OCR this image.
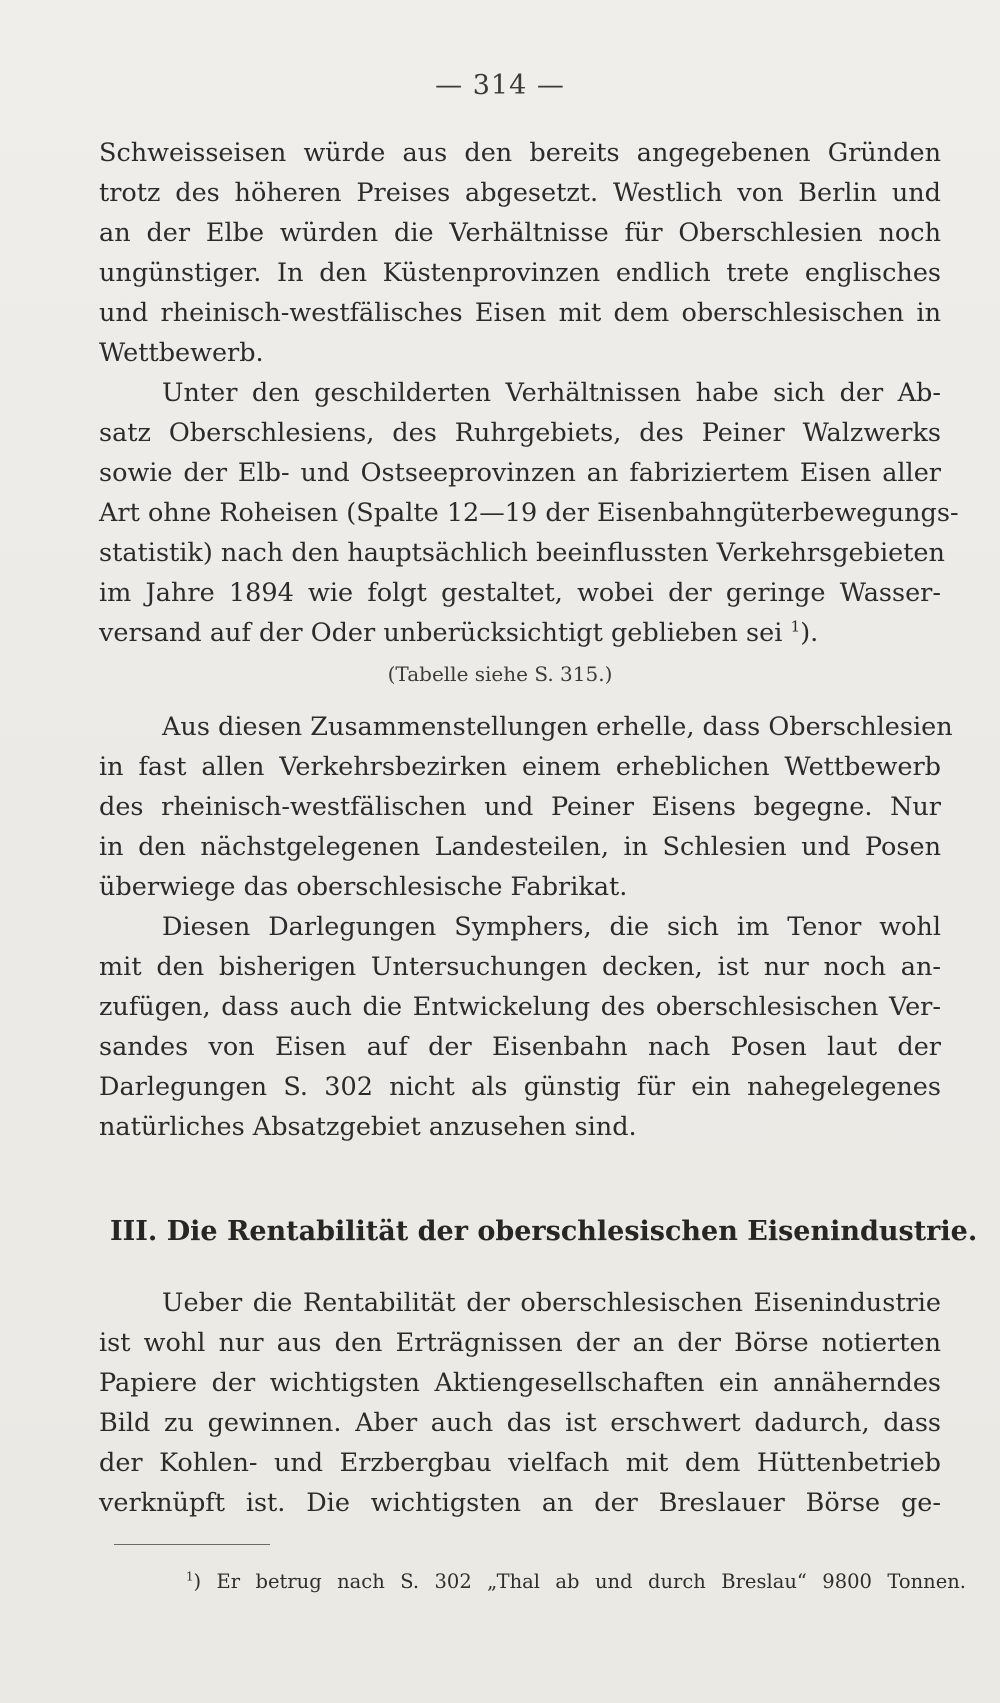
— 314 —
Schweisseisen würde aus den bereits angegebenen Gründen
trotz des höheren Preises abgesetzt. Westlich von Berlin und
an der Elbe würden die Verhältnisse für Oberschlesien noch
ungünstiger. In den Küstenprovinzen endlich trete englisches
und rheinisch-westfälisches Eisen mit dem oberschlesischen in
Wettbewerb.
Unter den geschilderten Verhältnissen habe sich der Ab-
satz Oberschlesiens, des Ruhrgebiets, des Peiner Walzwerks
sowie der Elb- und Ostseeprovinzen an fabriziertem Eisen aller
Art ohne Roheisen (Spalte 12—19 der Eisenbahngüterbewegungs-
statistik) nach den hauptsächlich beeinflussten Verkehrsgebieten
im Jahre 1894 wie folgt gestaltet, wobei der geringe Wasser-
versand auf der Oder unberücksichtigt geblieben sei $^1$).
(Tabelle siehe S. 315.)
Aus diesen Zusammenstellungen erhelle, dass Oberschlesien
in fast allen Verkehrsbezirken einem erheblichen Wettbewerb
des rheinisch-westfälischen und Peiner Eisens begegne. Nur
in den nächstgelegenen Landesteilen, in Schlesien und Posen
überwiege das oberschlesische Fabrikat.
Diesen Darlegungen Symphers, die sich im Tenor wohl
mit den bisherigen Untersuchungen decken, ist nur noch an-
zufügen, dass auch die Entwickelung des oberschlesischen Ver-
sandes von Eisen auf der Eisenbahn nach Posen laut der
Darlegungen S. 302 nicht als günstig für ein nahegelegenes
natürliches Absatzgebiet anzusehen sind.
III. Die Rentabilität der oberschlesischen Eisenindustrie.
Ueber die Rentabilität der oberschlesischen Eisenindustrie
ist wohl nur aus den Erträgnissen der an der Börse notierten
Papiere der wichtigsten Aktiengesellschaften ein annäherndes
Bild zu gewinnen. Aber auch das ist erschwert dadurch, dass
der Kohlen- und Erzbergbau vielfach mit dem Hüttenbetrieb
verknüpft ist. Die wichtigsten an der Breslauer Börse ge-
$^1$) Er betrug nach S. 302 „Thal ab und durch Breslau“ 9800 Tonnen.
